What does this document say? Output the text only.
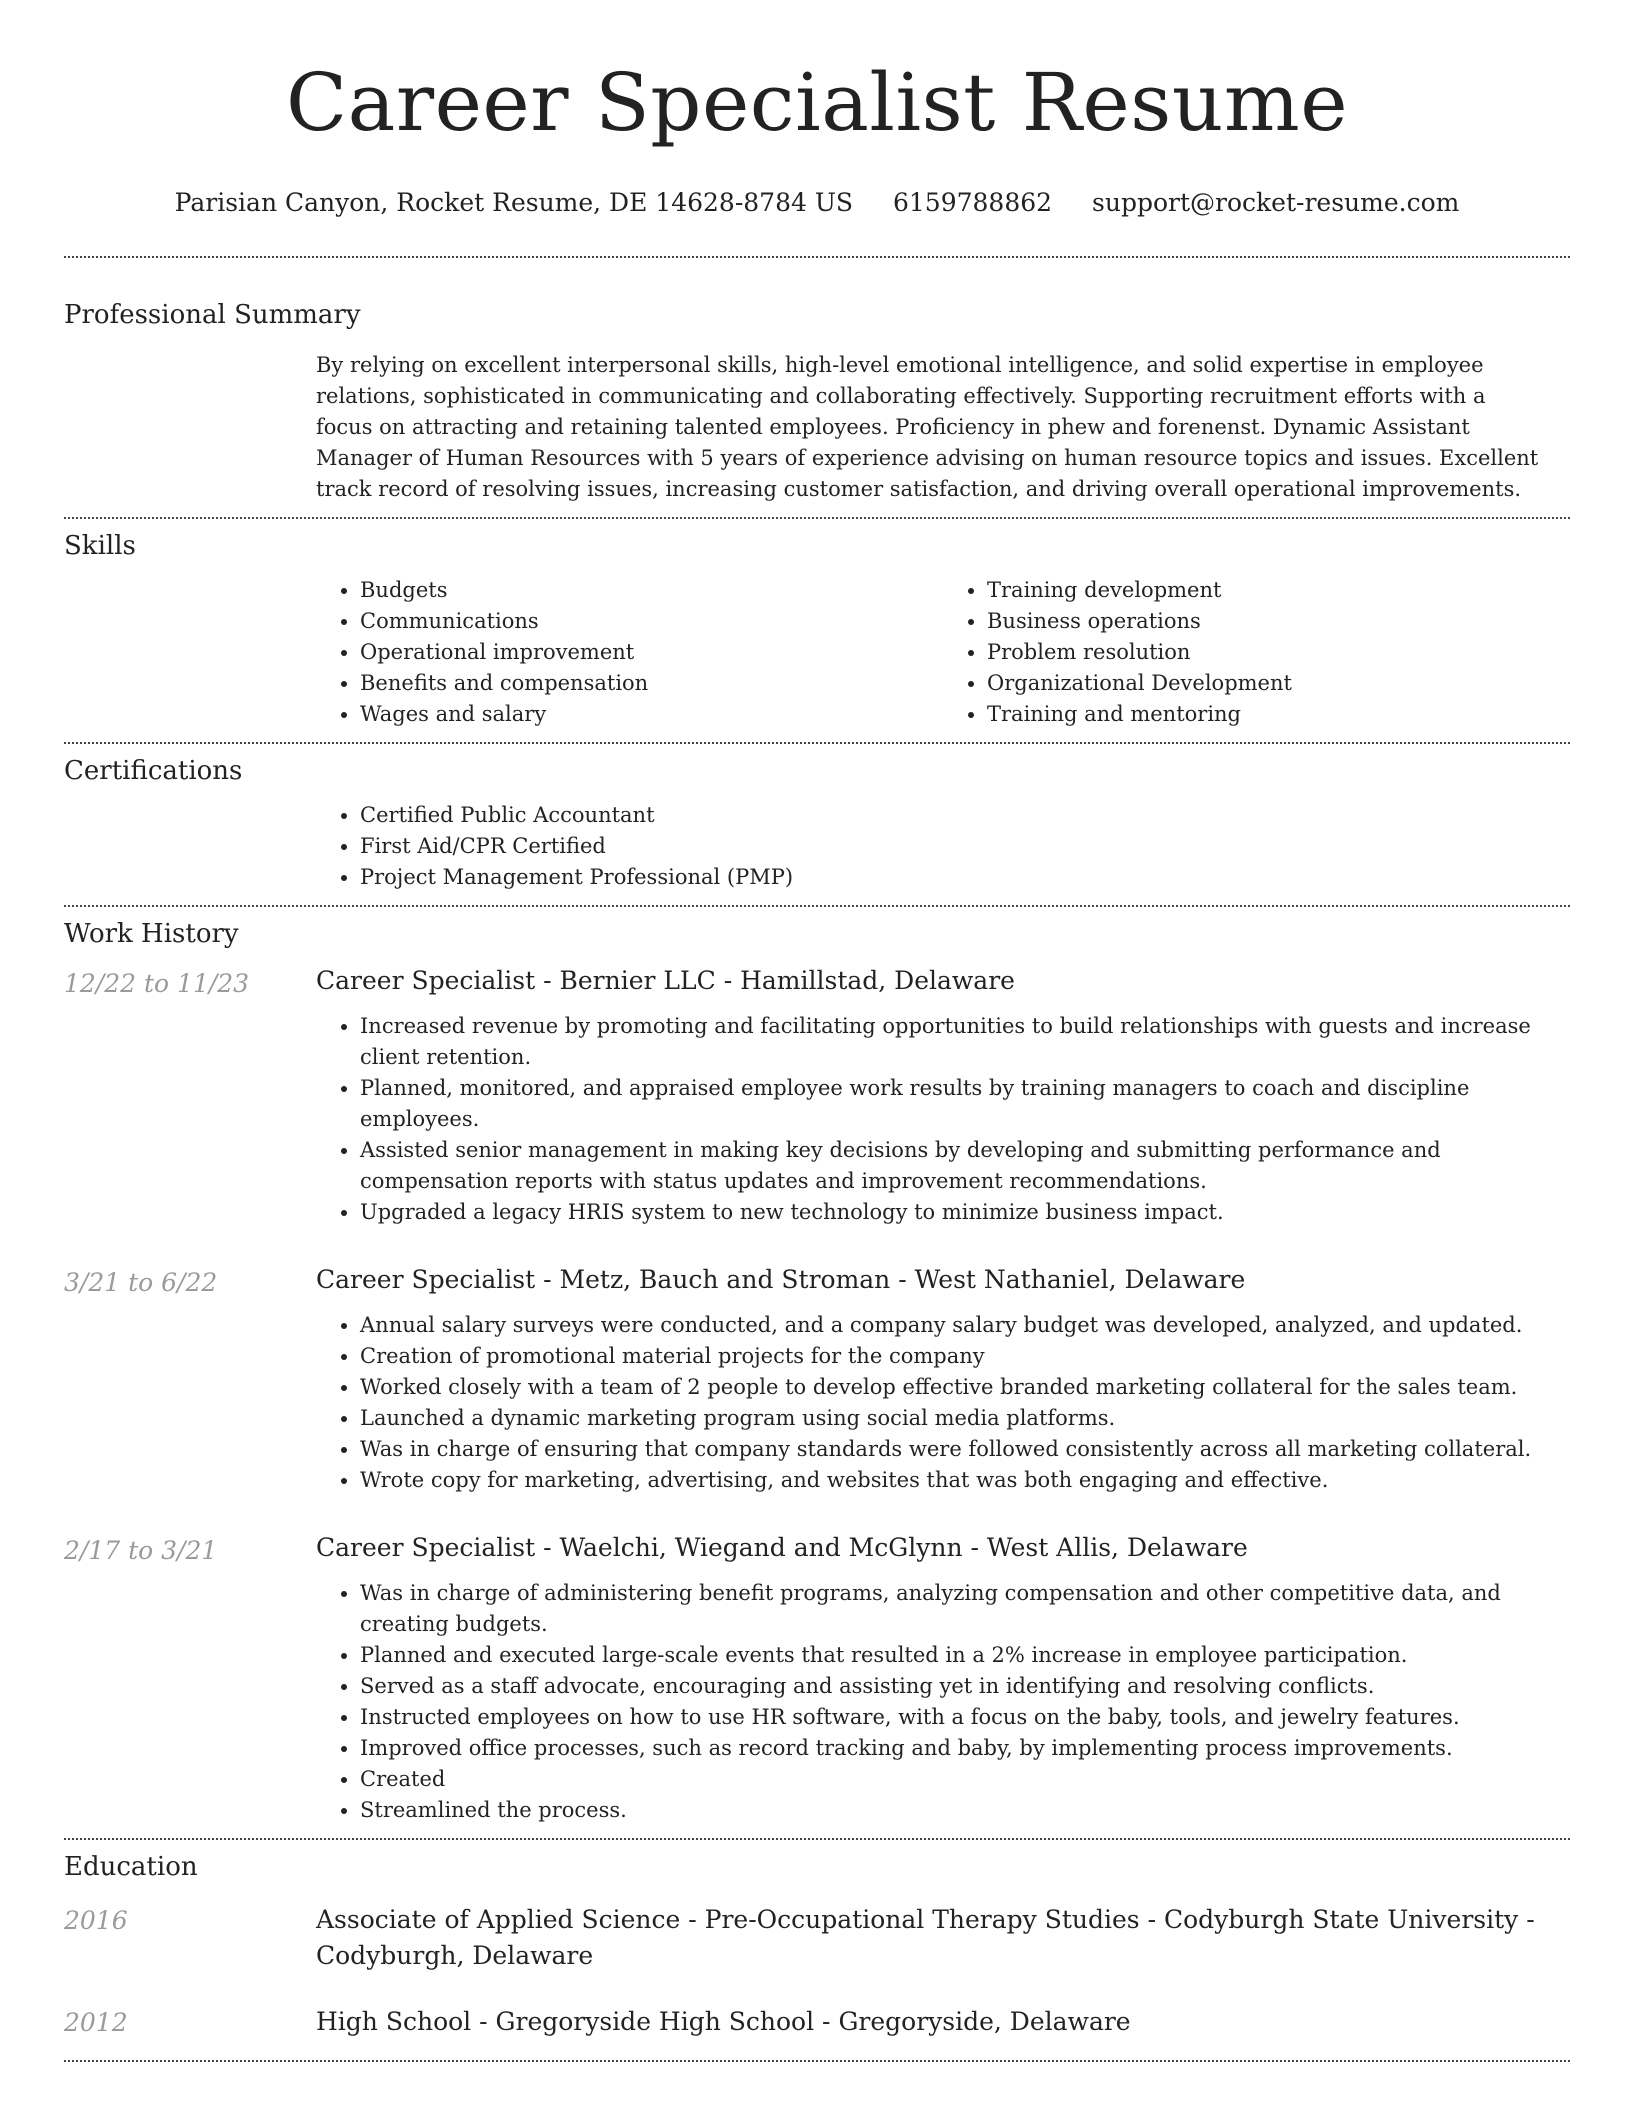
Career Specialist Resume
Parisian Canyon, Rocket Resume, DE 14628-8784 US 6159788862 support@rocket-resume.com
Professional Summary
By relying on excellent interpersonal skills, high-level emotional intelligence, and solid expertise in employee relations, sophisticated in communicating and collaborating effectively. Supporting recruitment efforts with a focus on attracting and retaining talented employees. Proficiency in phew and forenenst. Dynamic Assistant Manager of Human Resources with 5 years of experience advising on human resource topics and issues. Excellent track record of resolving issues, increasing customer satisfaction, and driving overall operational improvements.
Skills
• Budgets
• Communications
• Operational improvement
• Benefits and compensation
• Wages and salary
• Training development
• Business operations
• Problem resolution
• Organizational Development
• Training and mentoring
Certifications
• Certified Public Accountant
• First Aid/CPR Certified
• Project Management Professional (PMP)
Work History
12/22 to 11/23	Career Specialist - Bernier LLC - Hamillstad, Delaware
• Increased revenue by promoting and facilitating opportunities to build relationships with guests and increase client retention.
• Planned, monitored, and appraised employee work results by training managers to coach and discipline employees.
• Assisted senior management in making key decisions by developing and submitting performance and compensation reports with status updates and improvement recommendations.
• Upgraded a legacy HRIS system to new technology to minimize business impact.
3/21 to 6/22	Career Specialist - Metz, Bauch and Stroman - West Nathaniel, Delaware
• Annual salary surveys were conducted, and a company salary budget was developed, analyzed, and updated.
• Creation of promotional material projects for the company
• Worked closely with a team of 2 people to develop effective branded marketing collateral for the sales team.
• Launched a dynamic marketing program using social media platforms.
• Was in charge of ensuring that company standards were followed consistently across all marketing collateral.
• Wrote copy for marketing, advertising, and websites that was both engaging and effective.
2/17 to 3/21	Career Specialist - Waelchi, Wiegand and McGlynn - West Allis, Delaware
• Was in charge of administering benefit programs, analyzing compensation and other competitive data, and creating budgets.
• Planned and executed large-scale events that resulted in a 2% increase in employee participation.
• Served as a staff advocate, encouraging and assisting yet in identifying and resolving conflicts.
• Instructed employees on how to use HR software, with a focus on the baby, tools, and jewelry features.
• Improved office processes, such as record tracking and baby, by implementing process improvements.
• Created
• Streamlined the process.
Education
2016	Associate of Applied Science - Pre-Occupational Therapy Studies - Codyburgh State University - Codyburgh, Delaware
2012	High School - Gregoryside High School - Gregoryside, Delaware
